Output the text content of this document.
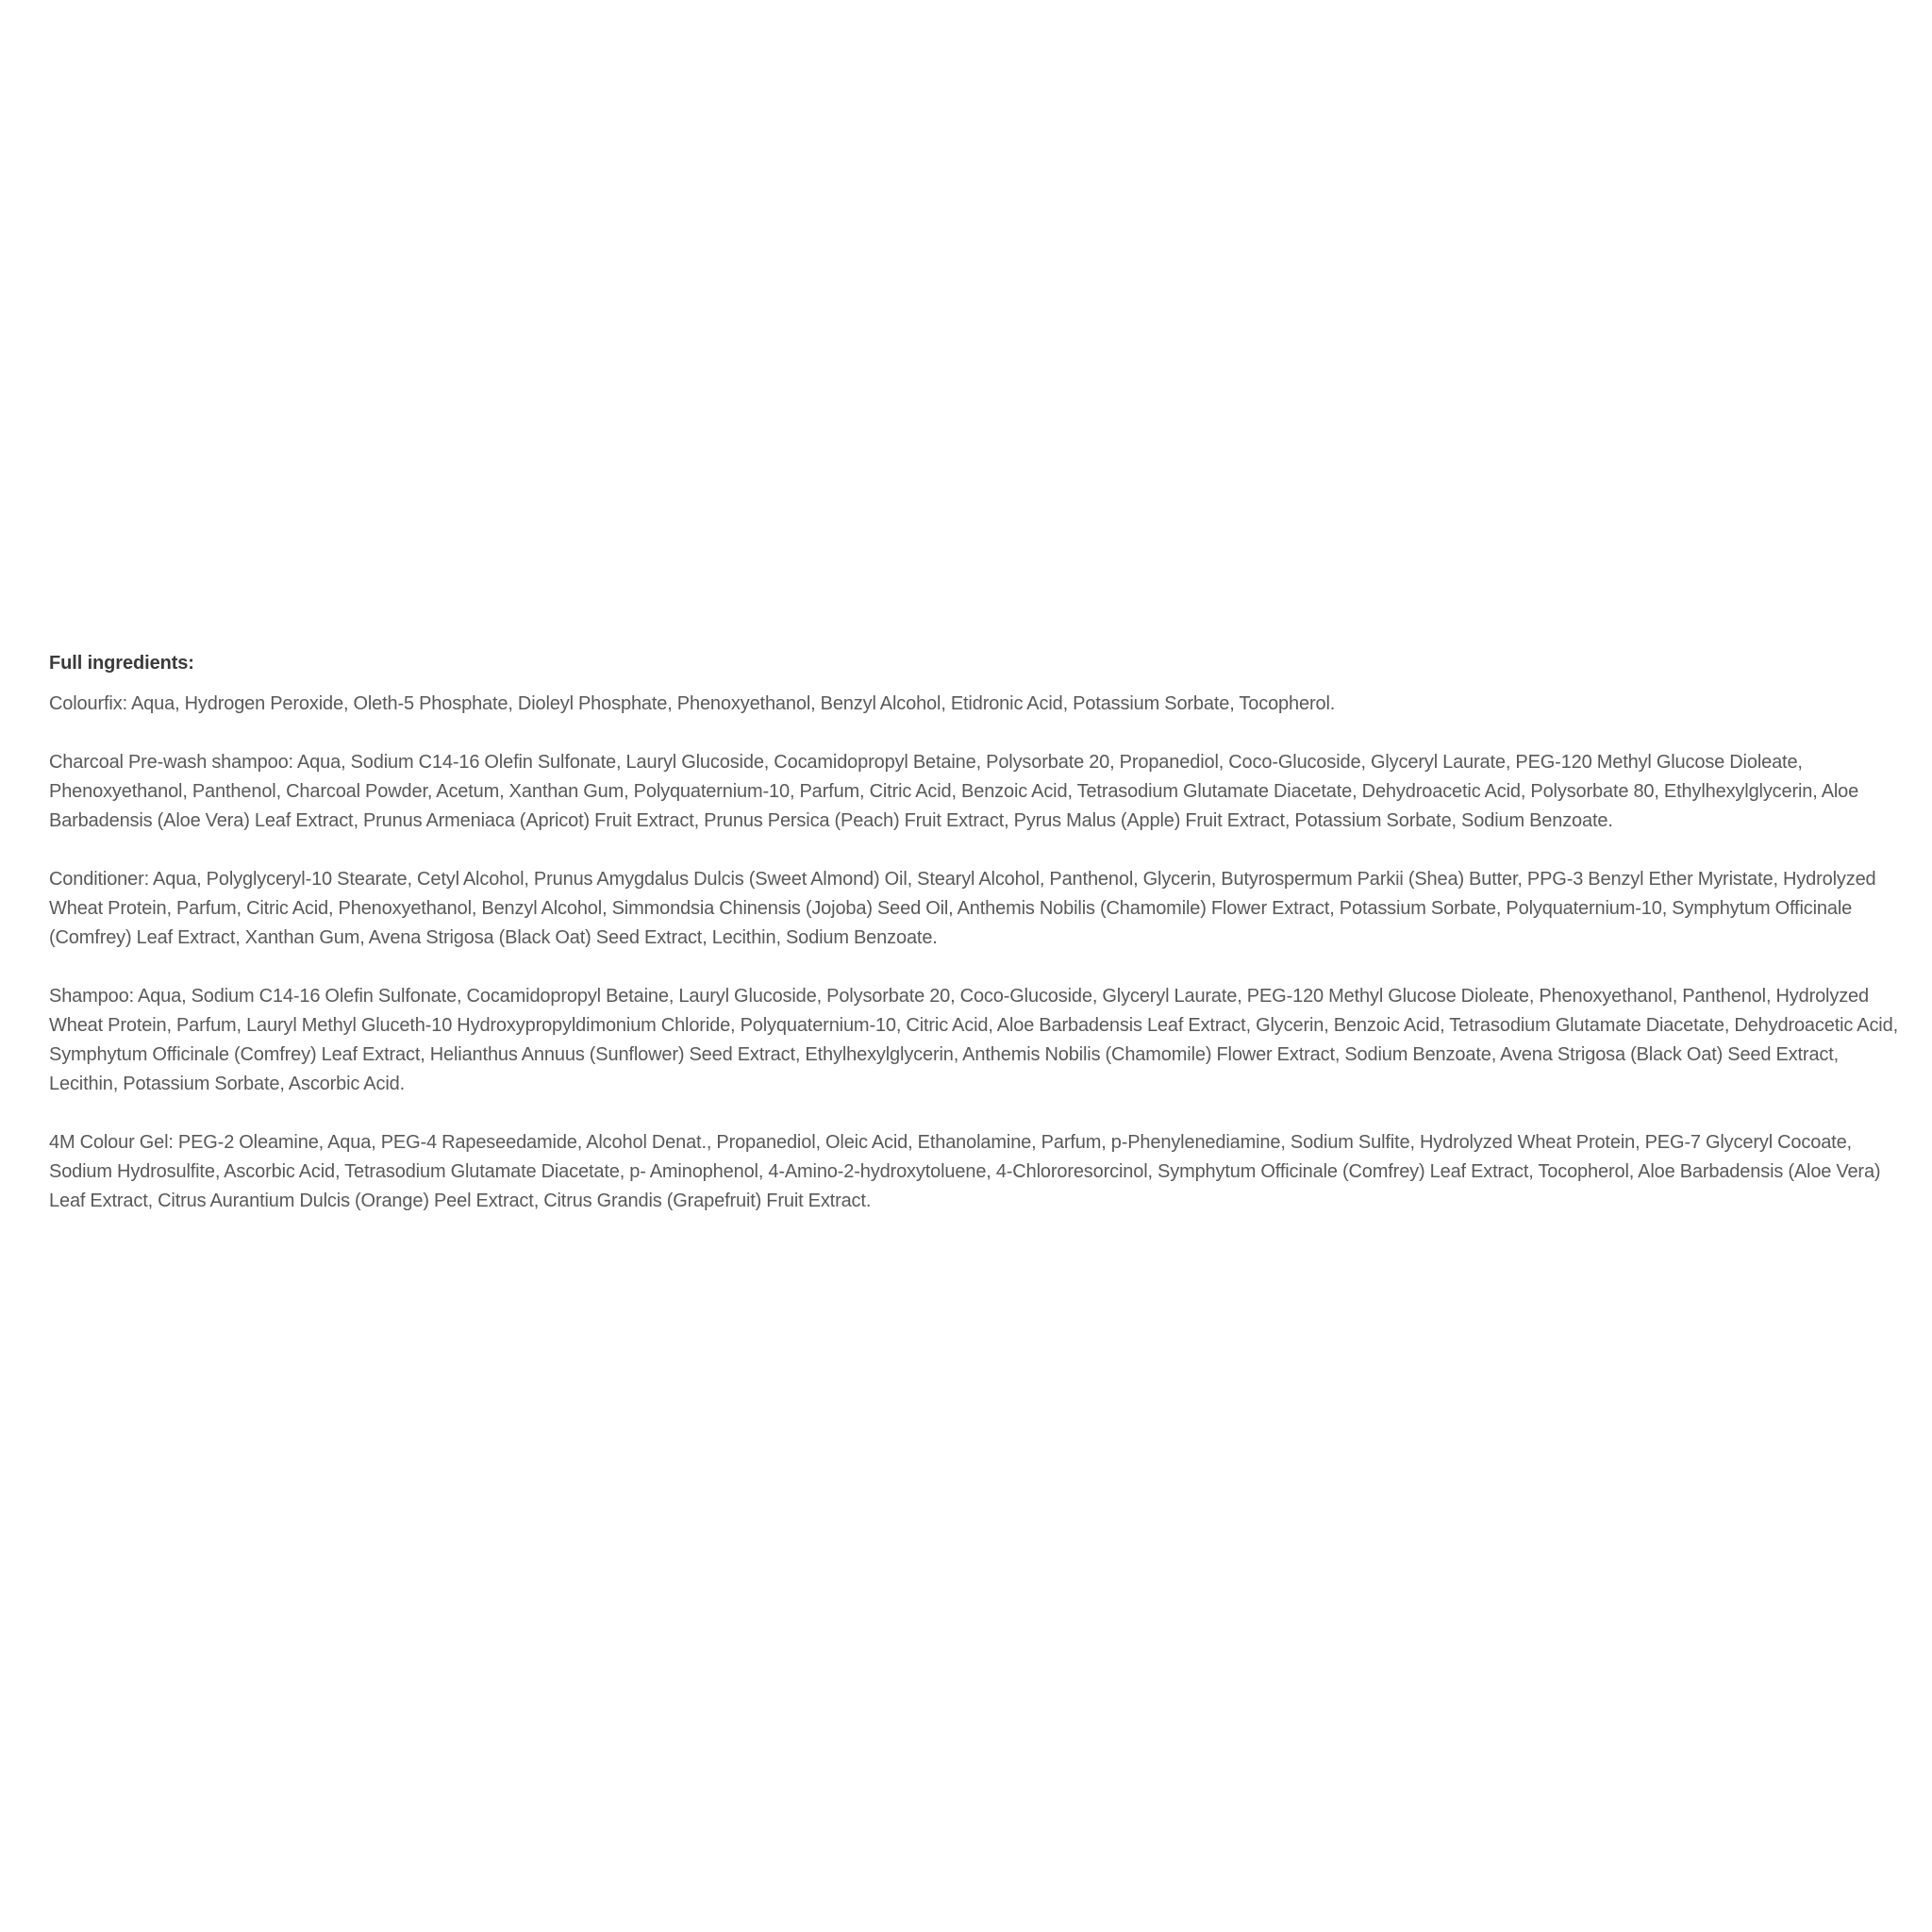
Full ingredients:

Colourfix: Aqua, Hydrogen Peroxide, Oleth-5 Phosphate, Dioleyl Phosphate, Phenoxyethanol, Benzyl Alcohol, Etidronic Acid, Potassium Sorbate, Tocopherol.

Charcoal Pre-wash shampoo: Aqua, Sodium C14-16 Olefin Sulfonate, Lauryl Glucoside, Cocamidopropyl Betaine, Polysorbate 20, Propanediol, Coco-Glucoside, Glyceryl Laurate, PEG-120 Methyl Glucose Dioleate, Phenoxyethanol, Panthenol, Charcoal Powder, Acetum, Xanthan Gum, Polyquaternium-10, Parfum, Citric Acid, Benzoic Acid, Tetrasodium Glutamate Diacetate, Dehydroacetic Acid, Polysorbate 80, Ethylhexylglycerin, Aloe Barbadensis (Aloe Vera) Leaf Extract, Prunus Armeniaca (Apricot) Fruit Extract, Prunus Persica (Peach) Fruit Extract, Pyrus Malus (Apple) Fruit Extract, Potassium Sorbate, Sodium Benzoate.

Conditioner: Aqua, Polyglyceryl-10 Stearate, Cetyl Alcohol, Prunus Amygdalus Dulcis (Sweet Almond) Oil, Stearyl Alcohol, Panthenol, Glycerin, Butyrospermum Parkii (Shea) Butter, PPG-3 Benzyl Ether Myristate, Hydrolyzed Wheat Protein, Parfum, Citric Acid, Phenoxyethanol, Benzyl Alcohol, Simmondsia Chinensis (Jojoba) Seed Oil, Anthemis Nobilis (Chamomile) Flower Extract, Potassium Sorbate, Polyquaternium-10, Symphytum Officinale (Comfrey) Leaf Extract, Xanthan Gum, Avena Strigosa (Black Oat) Seed Extract, Lecithin, Sodium Benzoate.

Shampoo: Aqua, Sodium C14-16 Olefin Sulfonate, Cocamidopropyl Betaine, Lauryl Glucoside, Polysorbate 20, Coco-Glucoside, Glyceryl Laurate, PEG-120 Methyl Glucose Dioleate, Phenoxyethanol, Panthenol, Hydrolyzed Wheat Protein, Parfum, Lauryl Methyl Gluceth-10 Hydroxypropyldimonium Chloride, Polyquaternium-10, Citric Acid, Aloe Barbadensis Leaf Extract, Glycerin, Benzoic Acid, Tetrasodium Glutamate Diacetate, Dehydroacetic Acid, Symphytum Officinale (Comfrey) Leaf Extract, Helianthus Annuus (Sunflower) Seed Extract, Ethylhexylglycerin, Anthemis Nobilis (Chamomile) Flower Extract, Sodium Benzoate, Avena Strigosa (Black Oat) Seed Extract, Lecithin, Potassium Sorbate, Ascorbic Acid.

4M Colour Gel: PEG-2 Oleamine, Aqua, PEG-4 Rapeseedamide, Alcohol Denat., Propanediol, Oleic Acid, Ethanolamine, Parfum, p-Phenylenediamine, Sodium Sulfite, Hydrolyzed Wheat Protein, PEG-7 Glyceryl Cocoate, Sodium Hydrosulfite, Ascorbic Acid, Tetrasodium Glutamate Diacetate, p- Aminophenol, 4-Amino-2-hydroxytoluene, 4-Chlororesorcinol, Symphytum Officinale (Comfrey) Leaf Extract, Tocopherol, Aloe Barbadensis (Aloe Vera) Leaf Extract, Citrus Aurantium Dulcis (Orange) Peel Extract, Citrus Grandis (Grapefruit) Fruit Extract.
